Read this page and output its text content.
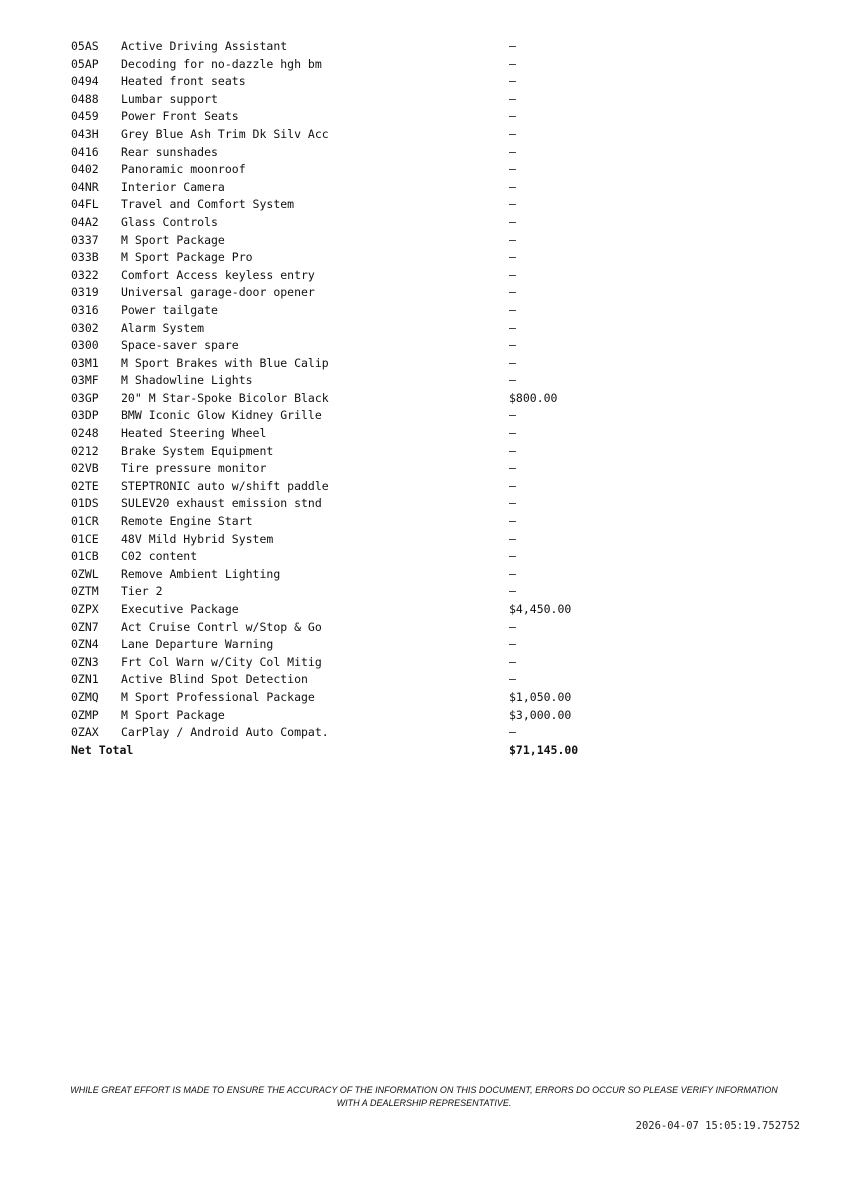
05AS Active Driving Assistant	—
05AP Decoding for no-dazzle hgh bm	—
0494 Heated front seats	—
0488 Lumbar support	—
0459 Power Front Seats	—
043H Grey Blue Ash Trim Dk Silv Acc	—
0416 Rear sunshades	—
0402 Panoramic moonroof	—
04NR Interior Camera	—
04FL Travel and Comfort System	—
04A2 Glass Controls	—
0337 M Sport Package	—
033B M Sport Package Pro	—
0322 Comfort Access keyless entry	—
0319 Universal garage-door opener	—
0316 Power tailgate	—
0302 Alarm System	—
0300 Space-saver spare	—
03M1 M Sport Brakes with Blue Calip	—
03MF M Shadowline Lights	—
03GP 20" M Star-Spoke Bicolor Black	$800.00
03DP BMW Iconic Glow Kidney Grille	—
0248 Heated Steering Wheel	—
0212 Brake System Equipment	—
02VB Tire pressure monitor	—
02TE STEPTRONIC auto w/shift paddle	—
01DS SULEV20 exhaust emission stnd	—
01CR Remote Engine Start	—
01CE 48V Mild Hybrid System	—
01CB C02 content	—
0ZWL Remove Ambient Lighting	—
0ZTM Tier 2	—
0ZPX Executive Package	$4,450.00
0ZN7 Act Cruise Contrl w/Stop & Go	—
0ZN4 Lane Departure Warning	—
0ZN3 Frt Col Warn w/City Col Mitig	—
0ZN1 Active Blind Spot Detection	—
0ZMQ M Sport Professional Package	$1,050.00
0ZMP M Sport Package	$3,000.00
0ZAX CarPlay / Android Auto Compat.	—
Net Total	$71,145.00
WHILE GREAT EFFORT IS MADE TO ENSURE THE ACCURACY OF THE INFORMATION ON THIS DOCUMENT, ERRORS DO OCCUR SO PLEASE VERIFY INFORMATION WITH A DEALERSHIP REPRESENTATIVE.
2026-04-07 15:05:19.752752
